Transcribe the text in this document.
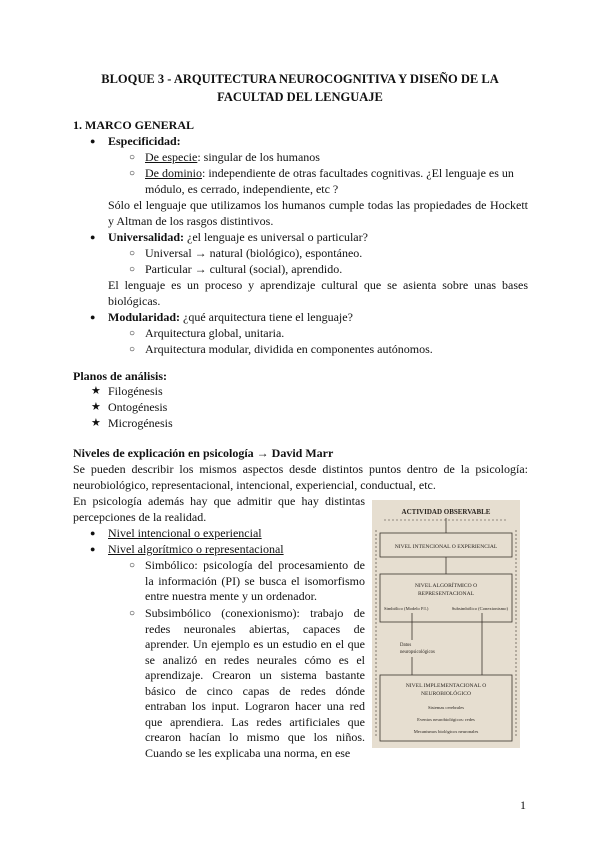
BLOQUE 3 - ARQUITECTURA NEUROCOGNITIVA Y DISEÑO DE LA
FACULTAD DEL LENGUAJE
1. MARCO GENERAL
● Especificidad:
○ De especie: singular de los humanos
○ De dominio: independiente de otras facultades cognitivas. ¿El lenguaje es un
módulo, es cerrado, independiente, etc ?
Sólo el lenguaje que utilizamos los humanos cumple todas las propiedades de Hockett y Altman de los rasgos distintivos.
● Universalidad: ¿el lenguaje es universal o particular?
○ Universal → natural (biológico), espontáneo.
○ Particular → cultural (social), aprendido.
El lenguaje es un proceso y aprendizaje cultural que se asienta sobre unas bases biológicas.
● Modularidad: ¿qué arquitectura tiene el lenguaje?
○ Arquitectura global, unitaria.
○ Arquitectura modular, dividida en componentes autónomos.
Planos de análisis:
★ Filogénesis
★ Ontogénesis
★ Microgénesis
Niveles de explicación en psicología → David Marr
Se pueden describir los mismos aspectos desde distintos puntos dentro de la psicología: neurobiológico, representacional, intencional, experiencial, conductual, etc.
En psicología además hay que admitir que hay distintas percepciones de la realidad.
● Nivel intencional o experiencial
● Nivel algorítmico o representacional
○ Simbólico: psicología del procesamiento de la información (PI) se busca el isomorfismo entre nuestra mente y un ordenador.
○ Subsimbólico (conexionismo): trabajo de redes neuronales abiertas, capaces de aprender. Un ejemplo es un estudio en el que se analizó en redes neurales cómo es el aprendizaje. Crearon un sistema bastante básico de cinco capas de redes dónde entraban los input. Lograron hacer una red que aprendiera. Las redes artificiales que crearon hacían lo mismo que los niños. Cuando se les explicaba una norma, en ese
ACTIVIDAD OBSERVABLE
NIVEL INTENCIONAL O EXPERIENCIAL
NIVEL ALGORÍTMICO O
REPRESENTACIONAL
Simbólico (Modelo P.I.)	Subsimbólico (Conexionismo)
Datos
neuropsicológicos
NIVEL IMPLEMENTACIONAL O
NEUROBIOLÓGICO
Sistemas cerebrales
Eventos neurobiológicos: redes
Mecanismos biológicos neuronales
1
